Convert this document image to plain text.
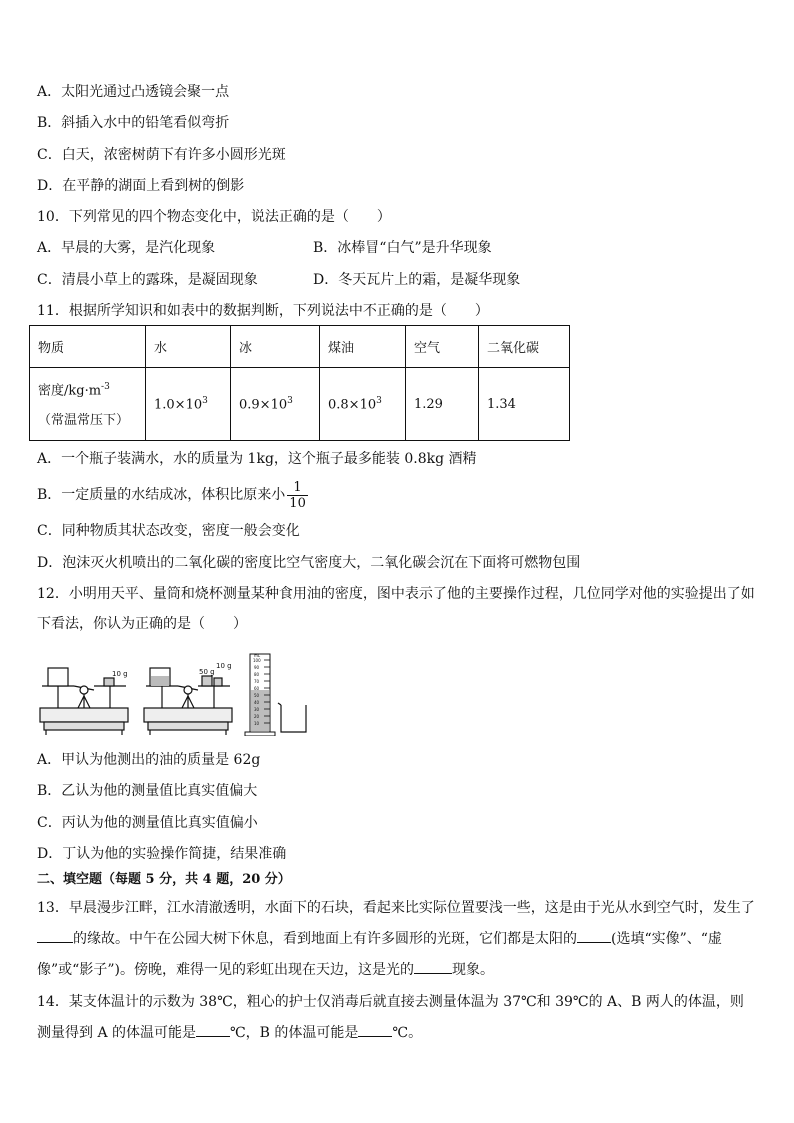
A．太阳光通过凸透镜会聚一点
B．斜插入水中的铅笔看似弯折
C．白天，浓密树荫下有许多小圆形光斑
D．在平静的湖面上看到树的倒影
10．下列常见的四个物态变化中，说法正确的是（　　）
A．早晨的大雾，是汽化现象	B．冰棒冒“白气”是升华现象
C．清晨小草上的露珠，是凝固现象	D．冬天瓦片上的霜，是凝华现象
11．根据所学知识和如表中的数据判断，下列说法中不正确的是（　　）
物质	水	冰	煤油	空气	二氧化碳
密度$/kg\cdot m^{-3}$
（常温常压下）	$1.0\times 10^3$	$0.9\times 10^3$	$0.8\times 10^3$	1.29	1.34
A．一个瓶子装满水，水的质量为 1kg，这个瓶子最多能装 0.8kg 酒精
B．一定质量的水结成冰，体积比原来小 $\frac{1}{10}$
C．同种物质其状态改变，密度一般会变化
D．泡沫灭火机喷出的二氧化碳的密度比空气密度大，二氧化碳会沉在下面将可燃物包围
12．小明用天平、量筒和烧杯测量某种食用油的密度，图中表示了他的主要操作过程，几位同学对他的实验提出了如
下看法，你认为正确的是（　　）
10 g	50 g
10 g
mL
100
90
80
70
60
50
40
30
20
10
A．甲认为他测出的油的质量是 62g
B．乙认为他的测量值比真实值偏大
C．丙认为他的测量值比真实值偏小
D．丁认为他的实验操作简捷，结果准确
二、填空题（每题 5 分，共 4 题，20 分）
13．早晨漫步江畔，江水清澈透明，水面下的石块，看起来比实际位置要浅一些，这是由于光从水到空气时，发生了的缘故。中午在公园大树下休息，看到地面上有许多圆形的光斑，它们都是太阳的 (选填“实像”、“虚像”或“影子”)。傍晚，难得一见的彩虹出现在天边，这是光的	现象。
14．某支体温计的示数为 38℃，粗心的护士仅消毒后就直接去测量体温为 37℃和 39℃的 A、B 两人的体温，则测量得到 A 的体温可能是 ℃，B 的体温可能是 ℃。
